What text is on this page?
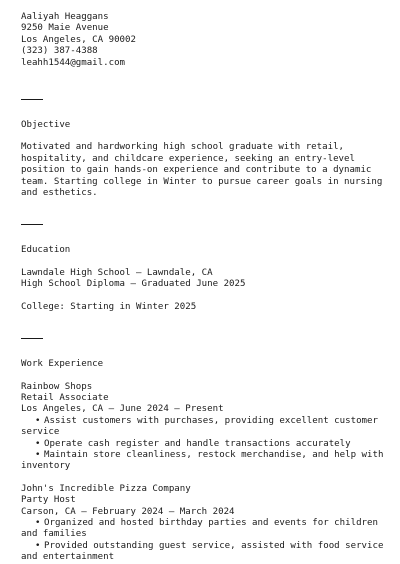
Aaliyah Heaggans
9250 Maie Avenue
Los Angeles, CA 90002
(323) 387-4388
leahh1544@gmail.com
Objective
Motivated and hardworking high school graduate with retail, hospitality, and childcare experience, seeking an entry-level position to gain hands-on experience and contribute to a dynamic team. Starting college in Winter to pursue career goals in nursing and esthetics.
Education
Lawndale High School — Lawndale, CA
High School Diploma — Graduated June 2025
College: Starting in Winter 2025
Work Experience
Rainbow Shops
Retail Associate
Los Angeles, CA — June 2024 — Present
• Assist customers with purchases, providing excellent customer service
• Operate cash register and handle transactions accurately
• Maintain store cleanliness, restock merchandise, and help with inventory
John's Incredible Pizza Company
Party Host
Carson, CA — February 2024 — March 2024
• Organized and hosted birthday parties and events for children and families
• Provided outstanding guest service, assisted with food service and entertainment
